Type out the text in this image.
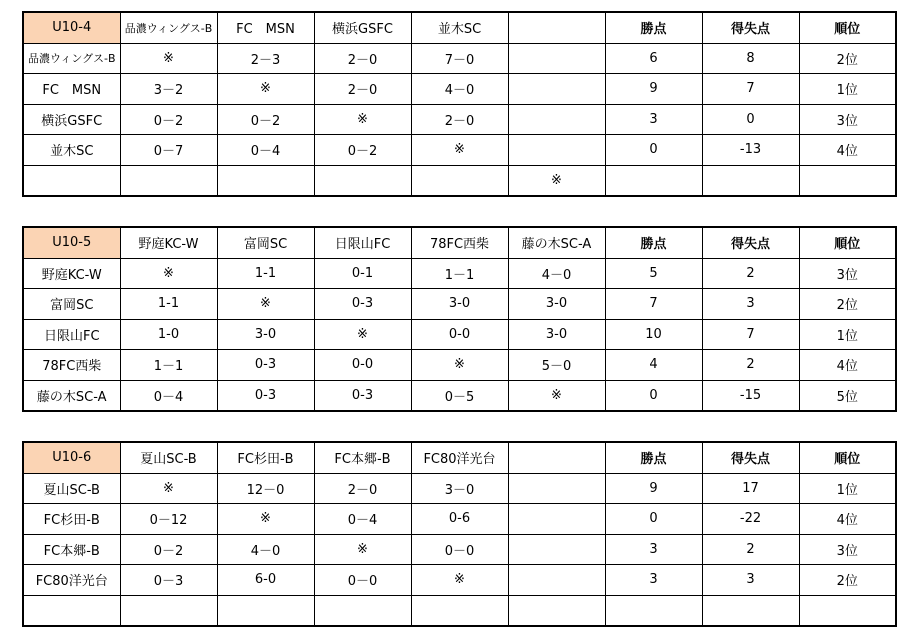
U10-4	品濃ウィングス-B	FC　MSN	横浜GSFC	並木SC		勝点	得失点	順位
品濃ウィングス-B	※	2－3	2－0	7－0		6	8	2位
FC　MSN	3－2	※	2－0	4－0		9	7	1位
横浜GSFC	0－2	0－2	※	2－0		3	0	3位
並木SC	0－7	0－4	0－2	※		0	-13	4位
					※			
U10-5	野庭KC-W	富岡SC	日限山FC	78FC西柴	藤の木SC-A	勝点	得失点	順位
野庭KC-W	※	1-1	0-1	1－1	4－0	5	2	3位
富岡SC	1-1	※	0-3	3-0	3-0	7	3	2位
日限山FC	1-0	3-0	※	0-0	3-0	10	7	1位
78FC西柴	1－1	0-3	0-0	※	5－0	4	2	4位
藤の木SC-A	0－4	0-3	0-3	0－5	※	0	-15	5位
U10-6	夏山SC-B	FC杉田-B	FC本郷-B	FC80洋光台		勝点	得失点	順位
夏山SC-B	※	12－0	2－0	3－0		9	17	1位
FC杉田-B	0－12	※	0－4	0-6		0	-22	4位
FC本郷-B	0－2	4－0	※	0－0		3	2	3位
FC80洋光台	0－3	6-0	0－0	※		3	3	2位
